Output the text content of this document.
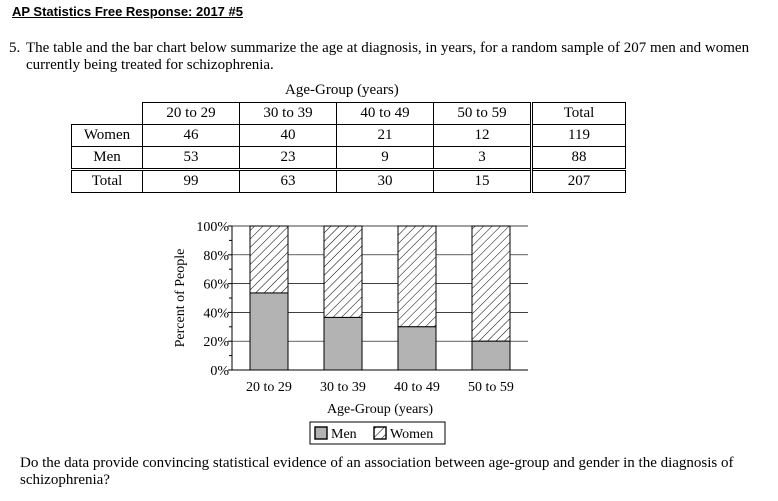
AP Statistics Free Response: 2017 #5
5. The table and the bar chart below summarize the age at diagnosis, in years, for a random sample of 207 men and women currently being treated for schizophrenia.
Age-Group (years)
	20 to 29	30 to 39	40 to 49	50 to 59	Total
Women	46	40	21	12	119
Men	53	23	9	3	88
Total	99	63	30	15	207
0%
20%
40%
60%
80%
100%
Percent of People
20 to 29 30 to 39 40 to 49 50 to 59
Age-Group (years)
Men Women
Do the data provide convincing statistical evidence of an association between age-group and gender in the diagnosis of schizophrenia?
